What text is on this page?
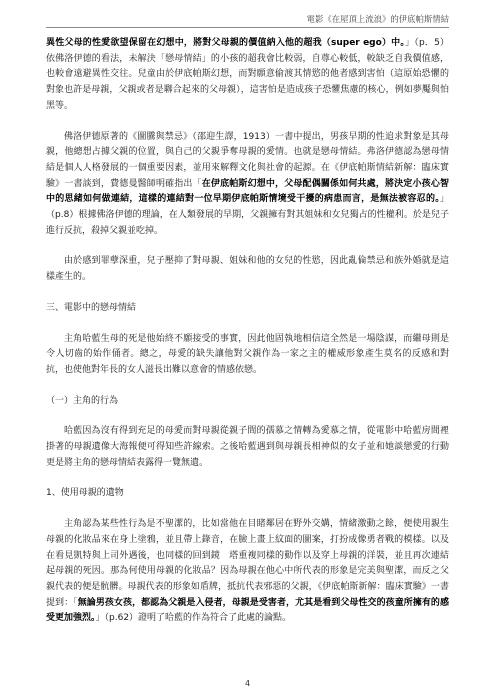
電影《在屋頂上流浪》的伊底帕斯情結

異性父母的性愛欲望保留在幻想中，將對父母親的價值納入他的超我（super ego）中。」（p．5）依佛洛伊德的看法，未解決「戀母情結」的小孩的超我會比較弱，自尊心較低，較缺乏自我價值感，也較會遠避異性交往。兒童由於伊底帕斯幻想，而對願意偷渡其情慾的他者感到害怕（這原始恐懼的對象也許是母親，父親或者是聯合起來的父母親），這害怕是造成孩子恐懼焦慮的核心，例如夢魘與怕黑等。

佛洛伊德原著的《圖騰與禁忌》（邵迎生譯，1913）一書中提出，男孩早期的性追求對象是其母親，他總想占據父親的位置，與自己的父親爭奪母親的愛情。也就是戀母情結。弗洛伊德認為戀母情結是個人人格發展的一個重要因素，並用來解釋文化與社會的起源。在《伊底帕斯情結新解：臨床實驗》一書談到，費德曼醫師明確指出「在伊底帕斯幻想中，父母配偶關係如何共處，將決定小孩心智中的思緒如何做連結，這樣的連結對一位早期伊底帕斯情境受干擾的病患而言，是無法被容忍的。」（p.8）根據佛洛伊德的理論，在人類發展的早期，父親擁有對其姐妹和女兒獨占的性權利。於是兒子進行反抗，殺掉父親並吃掉。

由於感到罪孽深重，兒子壓抑了對母親、姐妹和他的女兒的性慾，因此亂倫禁忌和族外婚就是這樣產生的。

三、電影中的戀母情結

主角哈藍生母的死是他始終不願接受的事實，因此他固執地相信這全然是一場陰謀，而繼母則是令人切齒的始作俑者。總之，母愛的缺失讓他對父親作為一家之主的權威形象產生莫名的反感和對抗，也使他對年長的女人滋長出難以意會的情感依戀。

（一）主角的行為

哈藍因為沒有得到充足的母愛而對母親從親子間的孺慕之情轉為愛慕之情，從電影中哈藍房間裡掛著的母親遺像大海報便可得知些許線索。之後哈藍遇到與母親長相神似的女子並和她談戀愛的行動更是將主角的戀母情結表露得一覽無遺。

1、使用母親的遺物

主角認為某些性行為是不聖潔的，比如當他在目睹鄰居在野外交媾，情緒激動之餘，便使用親生母親的化妝品來在身上塗鴉，並且帶上錄音，在臉上畫上紋面的圖案，打扮成像勇者戰的模樣。以及在看見凱特與上司外遇後，也同樣的回到鏡　塔重複同樣的動作以及穿上母親的洋裝，並且再次連結起母親的死因。那為何使用母親的化妝品？因為母親在他心中所代表的形象是完美與聖潔，而反之父親代表的便是骯髒。母親代表的形象如盾牌，抵抗代表邪惡的父親，《伊底帕斯新解：臨床實驗》一書提到：「無論男孩女孩，都認為父親是入侵者，母親是受害者，尤其是看到父母性交的孩童所擁有的感受更加強烈。」（p.62）證明了哈藍的作為符合了此處的論點。

4
